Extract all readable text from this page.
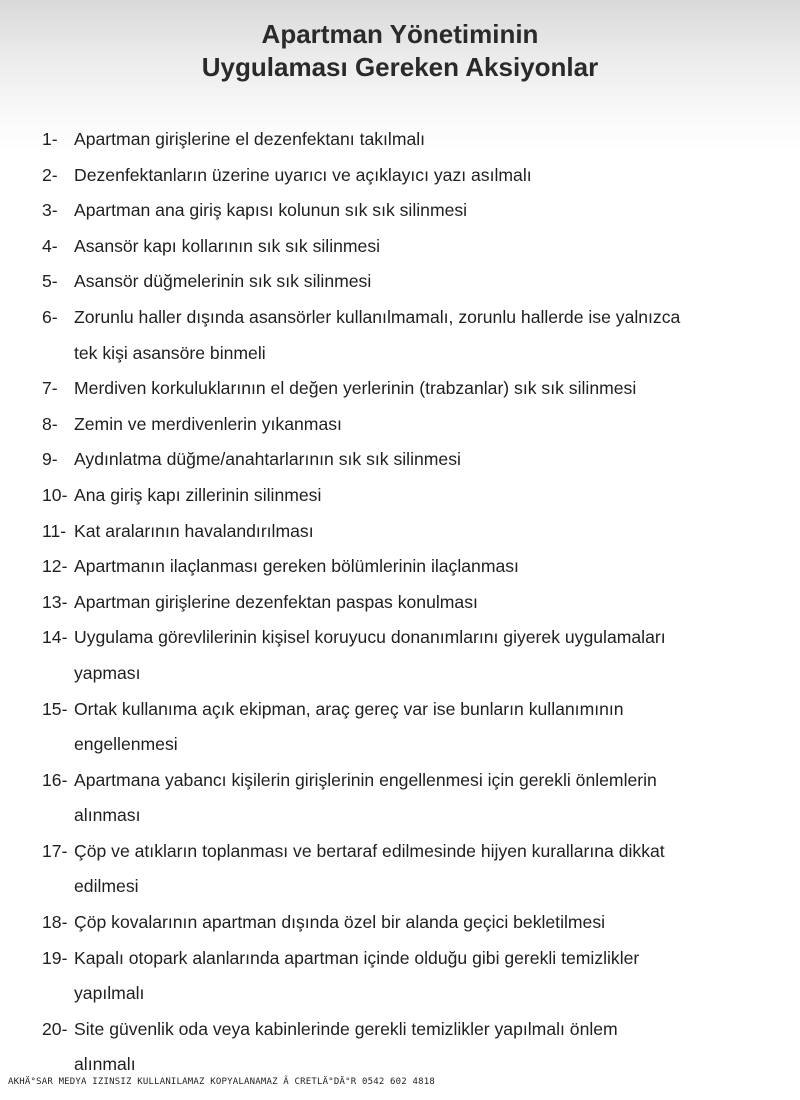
Apartman Yönetiminin
Uygulaması Gereken Aksiyonlar
1- Apartman girişlerine el dezenfektanı takılmalı
2- Dezenfektanların üzerine uyarıcı ve açıklayıcı yazı asılmalı
3- Apartman ana giriş kapısı kolunun sık sık silinmesi
4- Asansör kapı kollarının sık sık silinmesi
5- Asansör düğmelerinin sık sık silinmesi
6- Zorunlu haller dışında asansörler kullanılmamalı, zorunlu hallerde ise yalnızca
tek kişi asansöre binmeli
7- Merdiven korkuluklarının el değen yerlerinin (trabzanlar) sık sık silinmesi
8- Zemin ve merdivenlerin yıkanması
9- Aydınlatma düğme/anahtarlarının sık sık silinmesi
10- Ana giriş kapı zillerinin silinmesi
11- Kat aralarının havalandırılması
12- Apartmanın ilaçlanması gereken bölümlerinin ilaçlanması
13- Apartman girişlerine dezenfektan paspas konulması
14- Uygulama görevlilerinin kişisel koruyucu donanımlarını giyerek uygulamaları
yapması
15- Ortak kullanıma açık ekipman, araç gereç var ise bunların kullanımının
engellenmesi
16- Apartmana yabancı kişilerin girişlerinin engellenmesi için gerekli önlemlerin
alınması
17- Çöp ve atıkların toplanması ve bertaraf edilmesinde hijyen kurallarına dikkat
edilmesi
18- Çöp kovalarının apartman dışında özel bir alanda geçici bekletilmesi
19- Kapalı otopark alanlarında apartman içinde olduğu gibi gerekli temizlikler
yapılmalı
20- Site güvenlik oda veya kabinlerinde gerekli temizlikler yapılmalı önlem
alınmalı
AKHÄ°SAR MEDYA IZINSIZ KULLANILAMAZ KOPYALANAMAZ Ã CRETLÄ°DÄ°R 0542 602 4818
